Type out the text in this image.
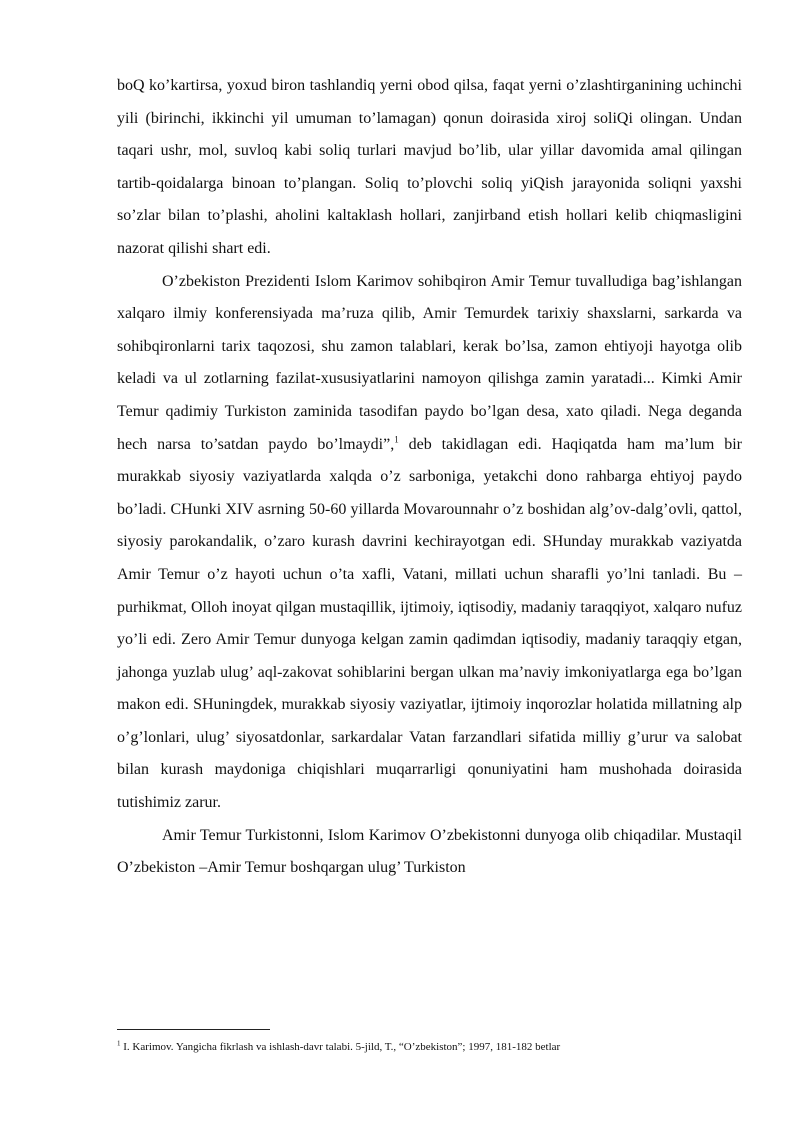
boQ ko’kartirsa, yoxud biron tashlandiq yerni obod qilsa, faqat yerni o’zlashtirganining uchinchi yili (birinchi, ikkinchi yil umuman to’lamagan) qonun doirasida xiroj soliQi olingan. Undan taqari ushr, mol, suvloq kabi soliq turlari mavjud bo’lib, ular yillar davomida amal qilingan tartib-qoidalarga binoan to’plangan. Soliq to’plovchi soliq yiQish jarayonida soliqni yaxshi so’zlar bilan to’plashi, aholini kaltaklash hollari, zanjirband etish hollari kelib chiqmasligini nazorat qilishi shart edi.

O’zbekiston Prezidenti Islom Karimov sohibqiron Amir Temur tuvalludiga bag’ishlangan xalqaro ilmiy konferensiyada ma’ruza qilib, Amir Temurdek tarixiy shaxslarni, sarkarda va sohibqironlarni tarix taqozosi, shu zamon talablari, kerak bo’lsa, zamon ehtiyoji hayotga olib keladi va ul zotlarning fazilat-xususiyatlarini namoyon qilishga zamin yaratadi... Kimki Amir Temur qadimiy Turkiston zaminida tasodifan paydo bo’lgan desa, xato qiladi. Nega deganda hech narsa to’satdan paydo bo’lmaydi”,$^1$ deb takidlagan edi. Haqiqatda ham ma’lum bir murakkab siyosiy vaziyatlarda xalqda o’z sarboniga, yetakchi dono rahbarga ehtiyoj paydo bo’ladi. CHunki XIV asrning 50-60 yillarda Movarounnahr o’z boshidan alg’ov-dalg’ovli, qattol, siyosiy parokandalik, o’zaro kurash davrini kechirayotgan edi. SHunday murakkab vaziyatda Amir Temur o’z hayoti uchun o’ta xafli, Vatani, millati uchun sharafli yo’lni tanladi. Bu –purhikmat, Olloh inoyat qilgan mustaqillik, ijtimoiy, iqtisodiy, madaniy taraqqiyot, xalqaro nufuz yo’li edi. Zero Amir Temur dunyoga kelgan zamin qadimdan iqtisodiy, madaniy taraqqiy etgan, jahonga yuzlab ulug’ aql-zakovat sohiblarini bergan ulkan ma’naviy imkoniyatlarga ega bo’lgan makon edi. SHuningdek, murakkab siyosiy vaziyatlar, ijtimoiy inqorozlar holatida millatning alp o’g’lonlari, ulug’ siyosatdonlar, sarkardalar Vatan farzandlari sifatida milliy g’urur va salobat bilan kurash maydoniga chiqishlari muqarrarligi qonuniyatini ham mushohada doirasida tutishimiz zarur.

Amir Temur Turkistonni, Islom Karimov O’zbekistonni dunyoga olib chiqadilar. Mustaqil O’zbekiston –Amir Temur boshqargan ulug’ Turkiston

$^1$ I. Karimov. Yangicha fikrlash va ishlash-davr talabi. 5-jild, T., “O’zbekiston”; 1997, 181-182 betlar
